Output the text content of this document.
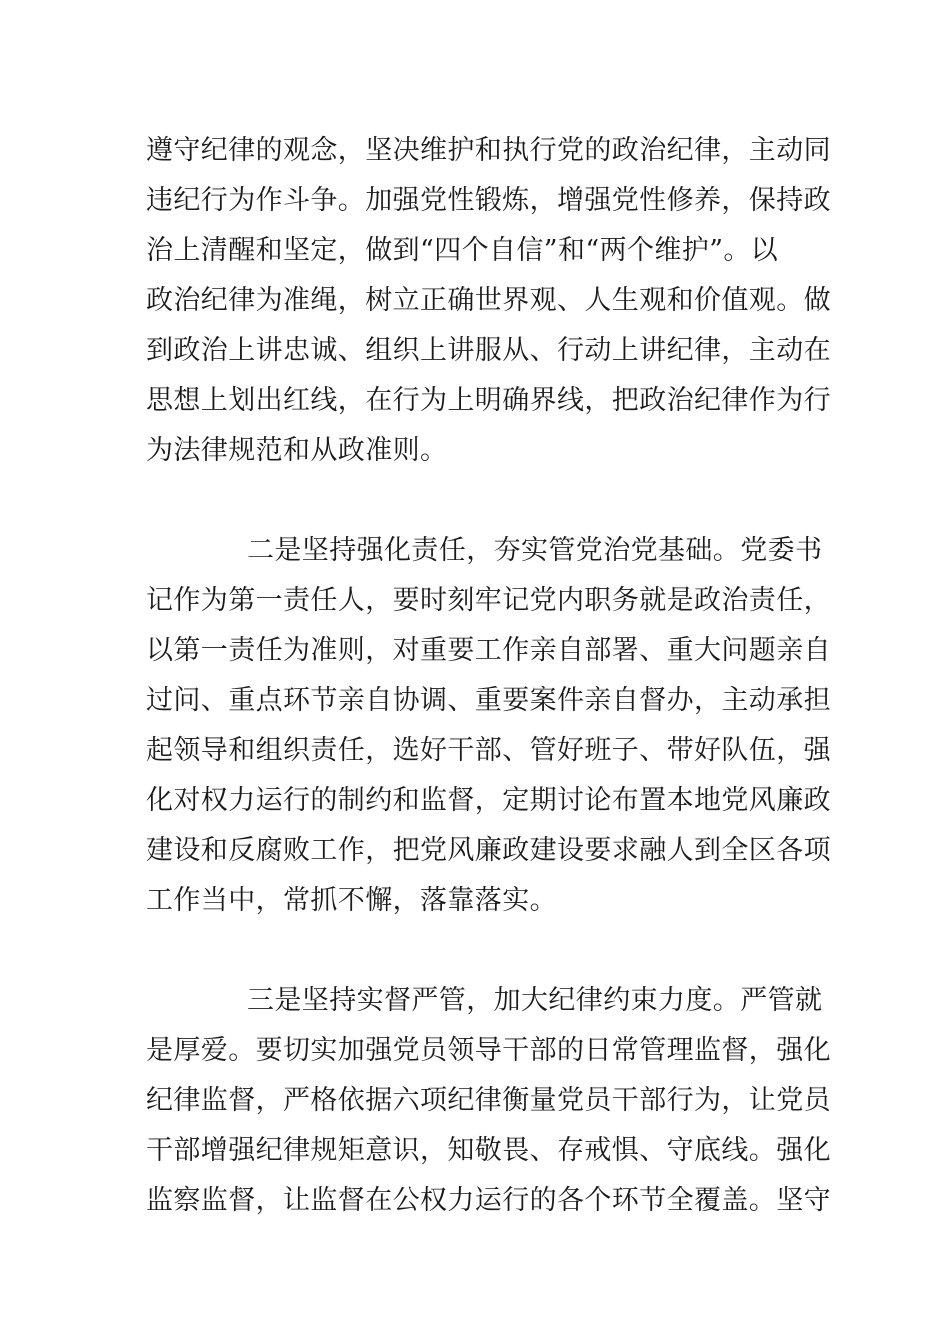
遵守纪律的观念，坚决维护和执行党的政治纪律，主动同
违纪行为作斗争。加强党性锻炼，增强党性修养，保持政
治上清醒和坚定，做到“四个自信”和“两个维护”。以
政治纪律为准绳，树立正确世界观、人生观和价值观。做
到政治上讲忠诚、组织上讲服从、行动上讲纪律，主动在
思想上划出红线，在行为上明确界线，把政治纪律作为行
为法律规范和从政准则。
二是坚持强化责任，夯实管党治党基础。党委书
记作为第一责任人，要时刻牢记党内职务就是政治责任，
以第一责任为准则，对重要工作亲自部署、重大问题亲自
过问、重点环节亲自协调、重要案件亲自督办，主动承担
起领导和组织责任，选好干部、管好班子、带好队伍，强
化对权力运行的制约和监督，定期讨论布置本地党风廉政
建设和反腐败工作，把党风廉政建设要求融人到全区各项
工作当中，常抓不懈，落靠落实。
三是坚持实督严管，加大纪律约束力度。严管就
是厚爱。要切实加强党员领导干部的日常管理监督，强化
纪律监督，严格依据六项纪律衡量党员干部行为，让党员
干部增强纪律规矩意识，知敬畏、存戒惧、守底线。强化
监察监督，让监督在公权力运行的各个环节全覆盖。坚守
